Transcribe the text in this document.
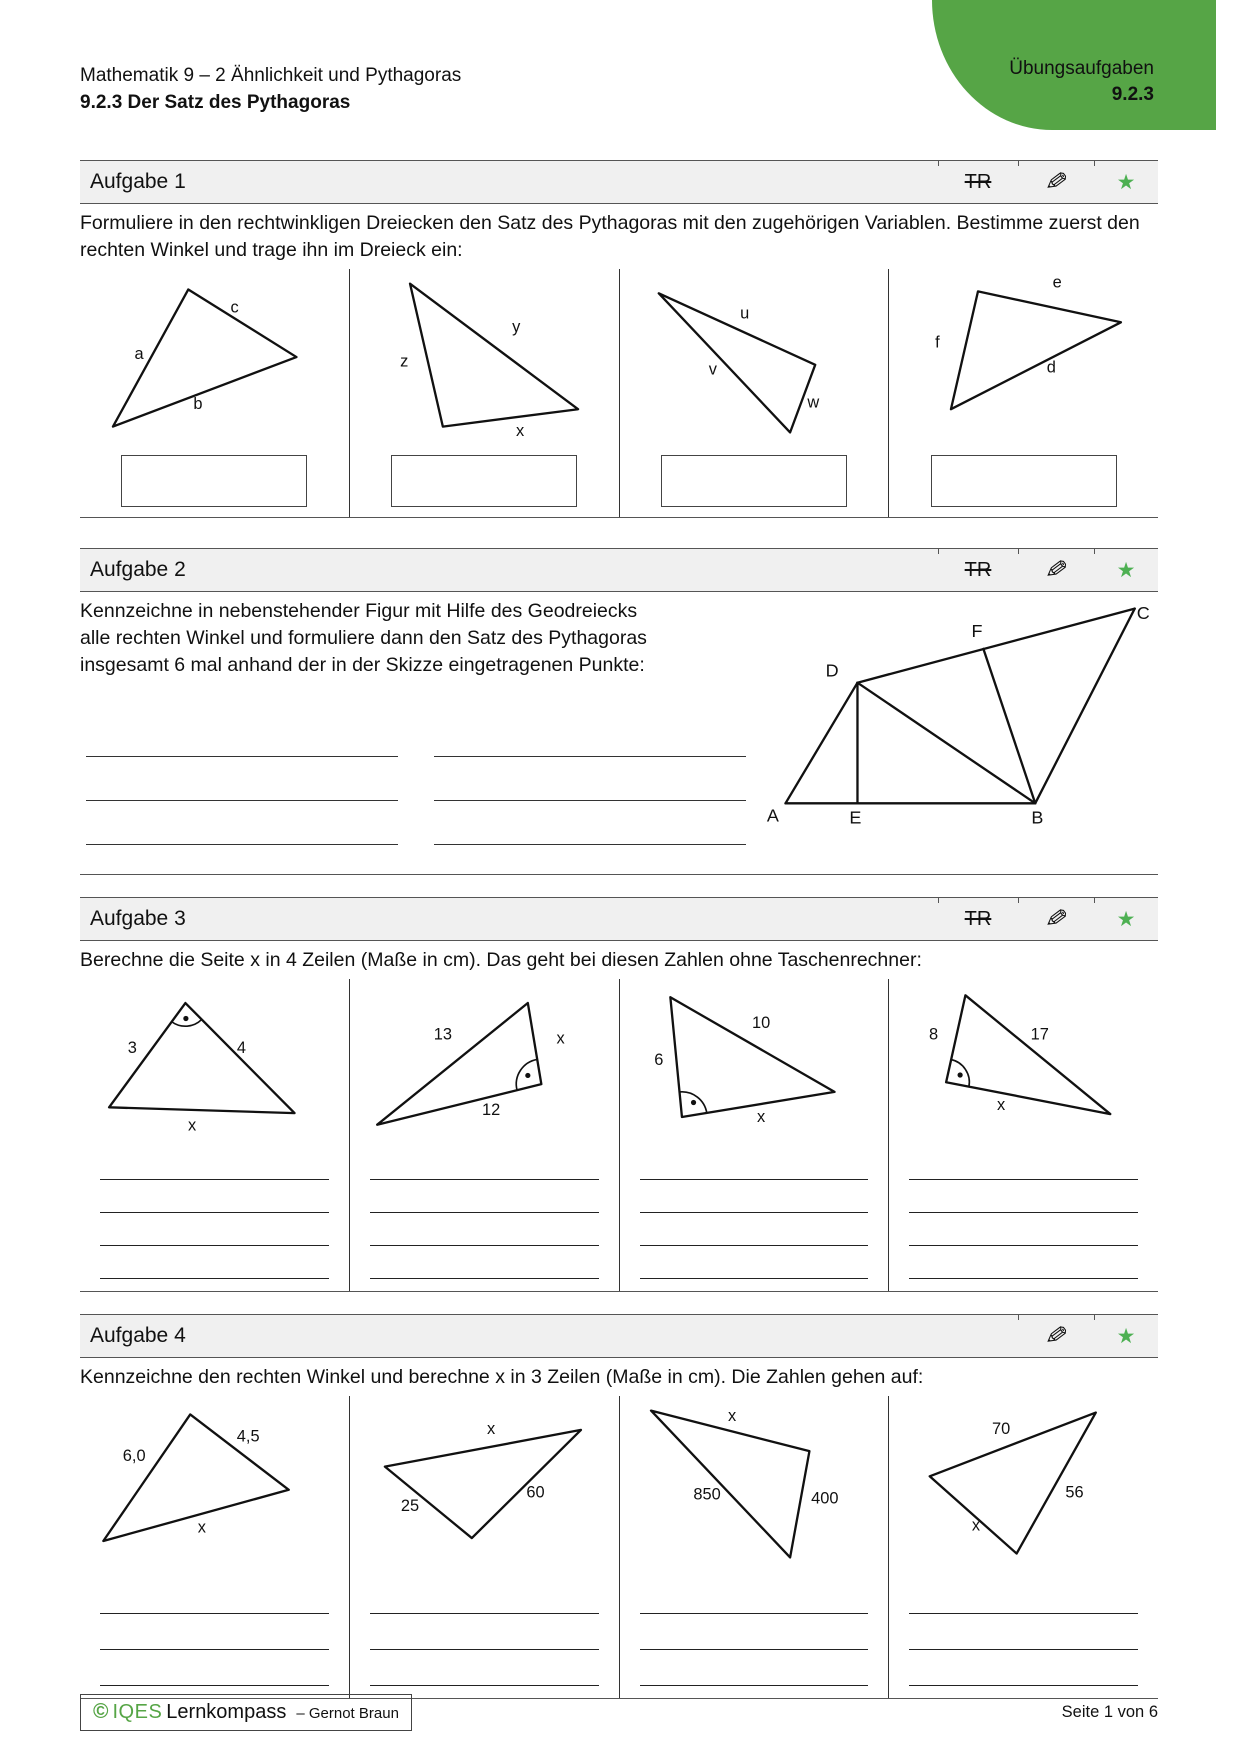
Mathematik 9 – 2 Ähnlichkeit und Pythagoras
9.2.3 Der Satz des Pythagoras
Übungsaufgaben
9.2.3
Aufgabe 1	TR	✎	★

Formuliere in den rechtwinkligen Dreiecken den Satz des Pythagoras mit den zugehörigen Variablen. Bestimme zuerst den rechten Winkel und trage ihn im Dreieck ein:

a
c
b
z
y
x
u
v
w
e
f
d
Aufgabe 2	TR	✎	★

Kennzeichne in nebenstehender Figur mit Hilfe des Geodreiecks alle rechten Winkel und formuliere dann den Satz des Pythagoras insgesamt 6 mal anhand der in der Skizze eingetragenen Punkte:

A	B
C
D
E
F
Aufgabe 3	TR	✎	★

Berechne die Seite x in 4 Zeilen (Maße in cm). Das geht bei diesen Zahlen ohne Taschenrechner:

3	4
x
13
12
x
6
10
x
8	17
x
Aufgabe 4	✎	★

Kennzeichne den rechten Winkel und berechne x in 3 Zeilen (Maße in cm). Die Zahlen gehen auf:

6,0
4,5
x
25
60
x
850	400
x
70
56
x
© IQES Lernkompass – Gernot Braun	Seite 1 von 6
